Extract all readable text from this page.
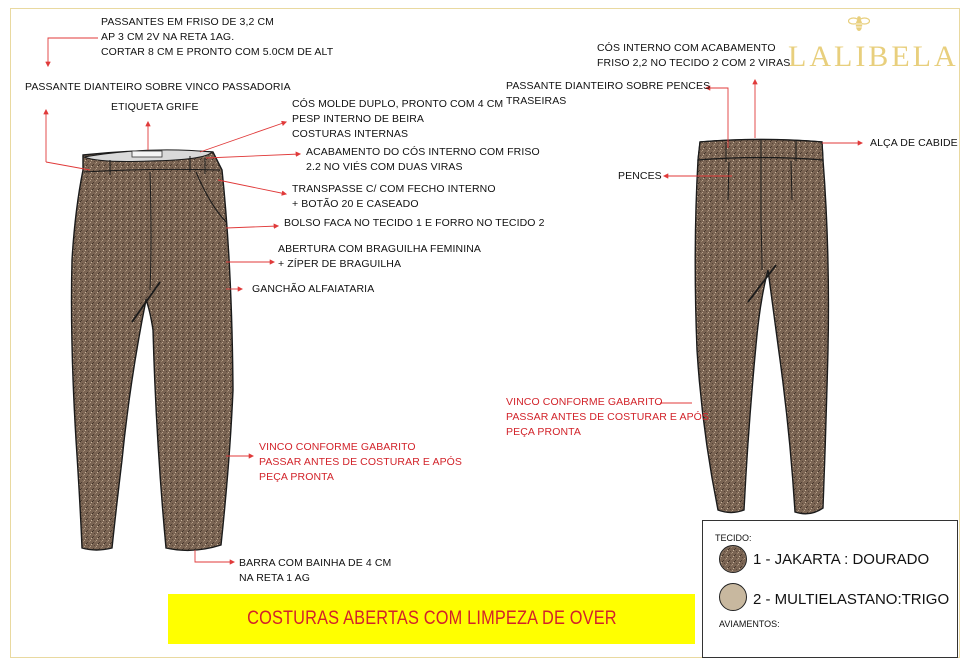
LALIBELA
PASSANTES EM FRISO DE 3,2 CM
AP 3 CM 2V NA RETA 1AG.
CORTAR 8 CM E PRONTO COM 5.0CM DE ALT
PASSANTE DIANTEIRO SOBRE VINCO PASSADORIA
ETIQUETA GRIFE	CÓS MOLDE DUPLO, PRONTO COM 4 CM
PESP INTERNO DE BEIRA
COSTURAS INTERNAS
ACABAMENTO DO CÓS INTERNO COM FRISO
2.2 NO VIÉS COM DUAS VIRAS
TRANSPASSE C/ COM FECHO INTERNO
+ BOTÃO 20 E CASEADO
BOLSO FACA NO TECIDO 1 E FORRO NO TECIDO 2
ABERTURA COM BRAGUILHA FEMININA
+ ZÍPER DE BRAGUILHA
GANCHÃO ALFAIATARIA
VINCO CONFORME GABARITO
PASSAR ANTES DE COSTURAR E APÓS
PEÇA PRONTA
BARRA COM BAINHA DE 4 CM
NA RETA 1 AG
CÓS INTERNO COM ACABAMENTO
FRISO 2,2 NO TECIDO 2 COM 2 VIRAS
PASSANTE DIANTEIRO SOBRE PENCES
TRASEIRAS
ALÇA DE CABIDE
PENCES
VINCO CONFORME GABARITO
PASSAR ANTES DE COSTURAR E APÓS
PEÇA PRONTA
COSTURAS ABERTAS COM LIMPEZA DE OVER
TECIDO:
1 - JAKARTA : DOURADO
2 - MULTIELASTANO:TRIGO
AVIAMENTOS:
